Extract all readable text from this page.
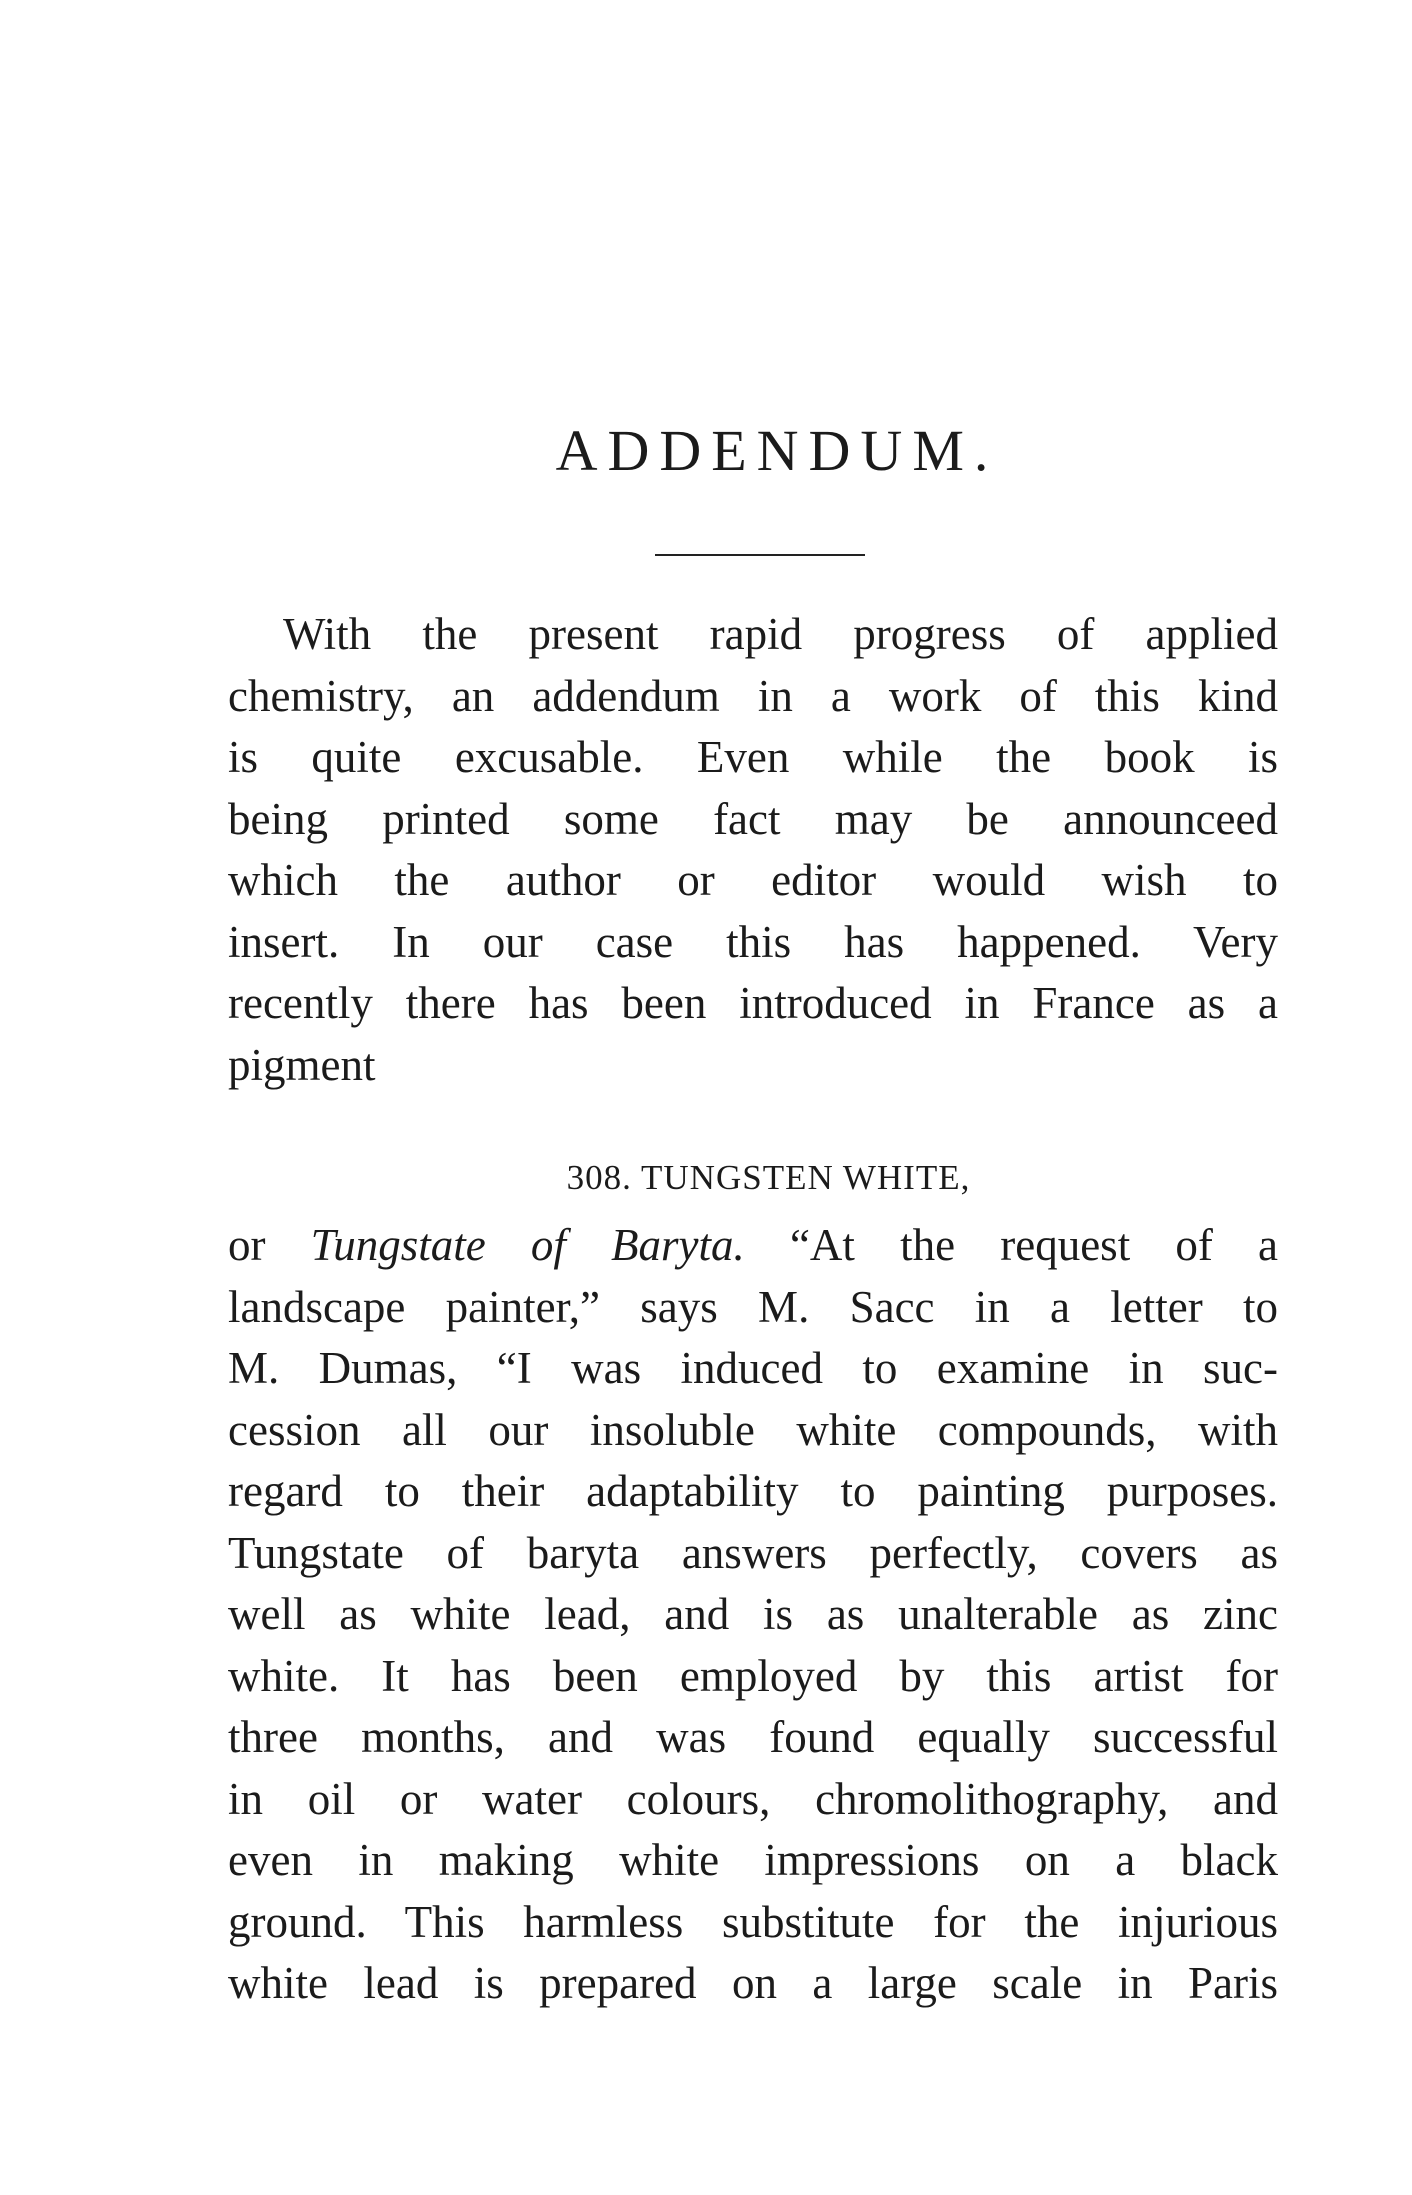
ADDENDUM.
With the present rapid progress of applied
chemistry, an addendum in a work of this kind
is quite excusable. Even while the book is
being printed some fact may be announceed
which the author or editor would wish to
insert. In our case this has happened. Very
recently there has been introduced in France as a
pigment
308. TUNGSTEN WHITE,
or Tungstate of Baryta. “At the request of a
landscape painter,” says M. Sacc in a letter to
M. Dumas, “I was induced to examine in suc-
cession all our insoluble white compounds, with
regard to their adaptability to painting purposes.
Tungstate of baryta answers perfectly, covers as
well as white lead, and is as unalterable as zinc
white. It has been employed by this artist for
three months, and was found equally successful
in oil or water colours, chromolithography, and
even in making white impressions on a black
ground. This harmless substitute for the injurious
white lead is prepared on a large scale in Paris
